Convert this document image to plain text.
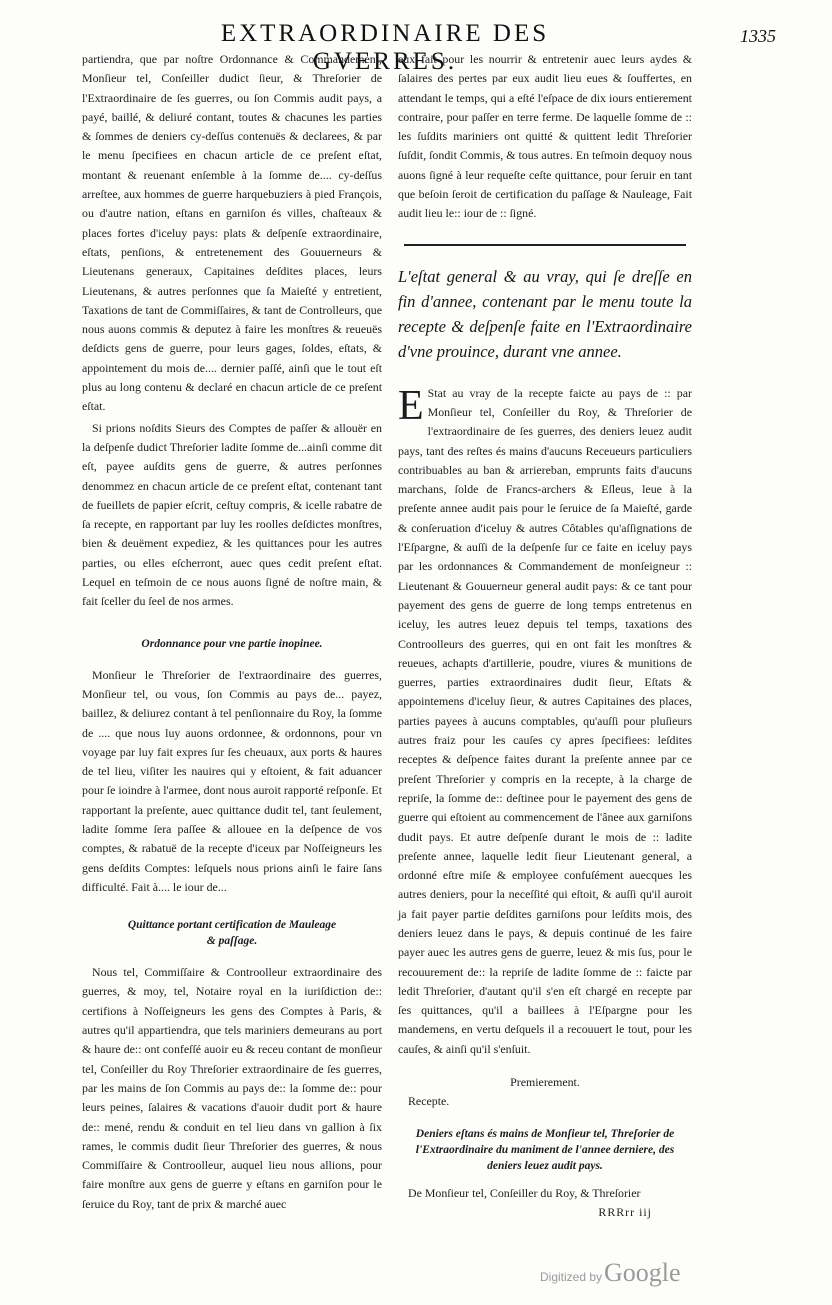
EXTRAORDINAIRE DES GVERRES.
1335

partiendra, que par noſtre Ordonnance & Commandement, Monſieur tel, Conſeiller dudict ſieur, & Threſorier de l'Extraordinaire de ſes guerres, ou ſon Commis audit pays, a payé, baillé, & deliuré contant, toutes & chacunes les parties & ſommes de deniers cy-deſſus contenuës & declarees, & par le menu ſpecifiees en chacun article de ce preſent eſtat, montant & reuenant enſemble à la ſomme de.... cy-deſſus arreſtee, aux hommes de guerre harquebuziers à pied François, ou d'autre nation, eſtans en garniſon és villes, chaſteaux & places fortes d'iceluy pays: plats & deſpenſe extraordinaire, eſtats, penſions, & entretenement des Gouuerneurs & Lieutenans generaux, Capitaines deſdites places, leurs Lieutenans, & autres perſonnes que ſa Maieſté y entretient, Taxations de tant de Commiſſaires, & tant de Controlleurs, que nous auons commis & deputez à faire les monſtres & reueuës deſdicts gens de guerre, pour leurs gages, ſoldes, eſtats, & appointement du mois de.... dernier paſſé, ainſi que le tout eſt plus au long contenu & declaré en chacun article de ce preſent eſtat.

Si prions noſdits Sieurs des Comptes de paſſer & allouër en la deſpenſe dudict Threſorier ladite ſomme de...ainſi comme dit eſt, payee auſdits gens de guerre, & autres perſonnes denommez en chacun article de ce preſent eſtat, contenant tant de fueillets de papier eſcrit, ceſtuy compris, & icelle rabatre de ſa recepte, en rapportant par luy les roolles deſdictes monſtres, bien & deuëment expediez, & les quittances pour les autres parties, ou elles eſcherront, auec ques cedit preſent eſtat. Lequel en teſmoin de ce nous auons ſigné de noſtre main, & fait ſceller du ſeel de nos armes.

Ordonnance pour vne partie inopinee.

Monſieur le Threſorier de l'extraordinaire des guerres, Monſieur tel, ou vous, ſon Commis au pays de... payez, baillez, & deliurez contant à tel penſionnaire du Roy, la ſomme de .... que nous luy auons ordonnee, & ordonnons, pour vn voyage par luy fait expres ſur ſes cheuaux, aux ports & haures de tel lieu, viſiter les nauires qui y eſtoient, & fait aduancer pour ſe ioindre à l'armee, dont nous auroit rapporté reſponſe. Et rapportant la preſente, auec quittance dudit tel, tant ſeulement, ladite ſomme ſera paſſee & allouee en la deſpence de vos comptes, & rabatuë de la recepte d'iceux par Noſſeigneurs les gens deſdits Comptes: leſquels nous prions ainſi le faire ſans difficulté. Fait à.... le iour de...

Quittance portant certification de Mauleage & paſſage.

Nous tel, Commiſſaire & Controolleur extraordinaire des guerres, & moy, tel, Notaire royal en la iuriſdiction de:: certifions à Noſſeigneurs les gens des Comptes à Paris, & autres qu'il appartiendra, que tels mariniers demeurans au port & haure de:: ont confeſſé auoir eu & receu contant de monſieur tel, Conſeiller du Roy Threſorier extraordinaire de ſes guerres, par les mains de ſon Commis au pays de:: la ſomme de:: pour leurs peines, ſalaires & vacations d'auoir dudit port & haure de:: mené, rendu & conduit en tel lieu dans vn gallion à ſix rames, le commis dudit ſieur Threſorier des guerres, & nous Commiſſaire & Controolleur, auquel lieu nous allions, pour faire monſtre aux gens de guerre y eſtans en garniſon pour le ſeruice du Roy, tant de prix & marché auec

eux fait pour les nourrir & entretenir auec leurs aydes & ſalaires des pertes par eux audit lieu eues & ſouffertes, en attendant le temps, qui a eſté l'eſpace de dix iours entierement contraire, pour paſſer en terre ferme. De laquelle ſomme de :: les ſuſdits mariniers ont quitté & quittent ledit Threſorier ſuſdit, ſondit Commis, & tous autres. En teſmoin dequoy nous auons ſigné à leur requeſte ceſte quittance, pour ſeruir en tant que beſoin ſeroit de certification du paſſage & Nauleage, Fait audit lieu le:: iour de :: ſigné.

L'eſtat general & au vray, qui ſe dreſſe en fin d'annee, contenant par le menu toute la recepte & deſpenſe faite en l'Extraordinaire d'vne prouince, durant vne annee.

E Stat au vray de la recepte faicte au pays de :: par Monſieur tel, Conſeiller du Roy, & Threſorier de l'extraordinaire de ſes guerres, des deniers leuez audit pays, tant des reſtes és mains d'aucuns Receueurs particuliers contribuables au ban & arriereban, emprunts faits d'aucuns marchans, ſolde de Francs-archers & Eſleus, leue à la preſente annee audit pais pour le ſeruice de ſa Maieſté, garde & conſeruation d'iceluy & autres Côtables qu'aſſignations de l'Eſpargne, & auſſi de la deſpenſe ſur ce faite en iceluy pays par les ordonnances & Commandement de monſeigneur :: Lieutenant & Gouuerneur general audit pays: & ce tant pour payement des gens de guerre de long temps entretenus en iceluy, les autres leuez depuis tel temps, taxations des Controolleurs des guerres, qui en ont fait les monſtres & reueues, achapts d'artillerie, poudre, viures & munitions de guerres, parties extraordinaires dudit ſieur, Eſtats & appointemens d'iceluy ſieur, & autres Capitaines des places, parties payees à aucuns comptables, qu'auſſi pour pluſieurs autres fraiz pour les cauſes cy apres ſpecifiees: leſdites receptes & deſpence faites durant la preſente annee par ce preſent Threſorier y compris en la recepte, à la charge de repriſe, la ſomme de:: deſtinee pour le payement des gens de guerre qui eſtoient au commencement de l'ânee aux garniſons dudit pays. Et autre deſpenſe durant le mois de :: ladite preſente annee, laquelle ledit ſieur Lieutenant general, a ordonné eſtre miſe & employee confuſément auecques les autres deniers, pour la neceſſité qui eſtoit, & auſſi qu'il auroit ja fait payer partie deſdites garniſons pour leſdits mois, des deniers leuez dans le pays, & depuis continué de les faire payer auec les autres gens de guerre, leuez & mis ſus, pour le recouurement de:: la repriſe de ladite ſomme de :: faicte par ledit Threſorier, d'autant qu'il s'en eſt chargé en recepte par ſes quittances, qu'il a baillees à l'Eſpargne pour les mandemens, en vertu deſquels il a recouuert le tout, pour les cauſes, & ainſi qu'il s'enſuit.

Premierement.

Recepte.

Deniers eſtans és mains de Monſieur tel, Threſorier de l'Extraordinaire du maniment de l'annee derniere, des deniers leuez audit pays.

De Monſieur tel, Conſeiller du Roy, & Threſorier

RRRrr iij

Digitized by Google
